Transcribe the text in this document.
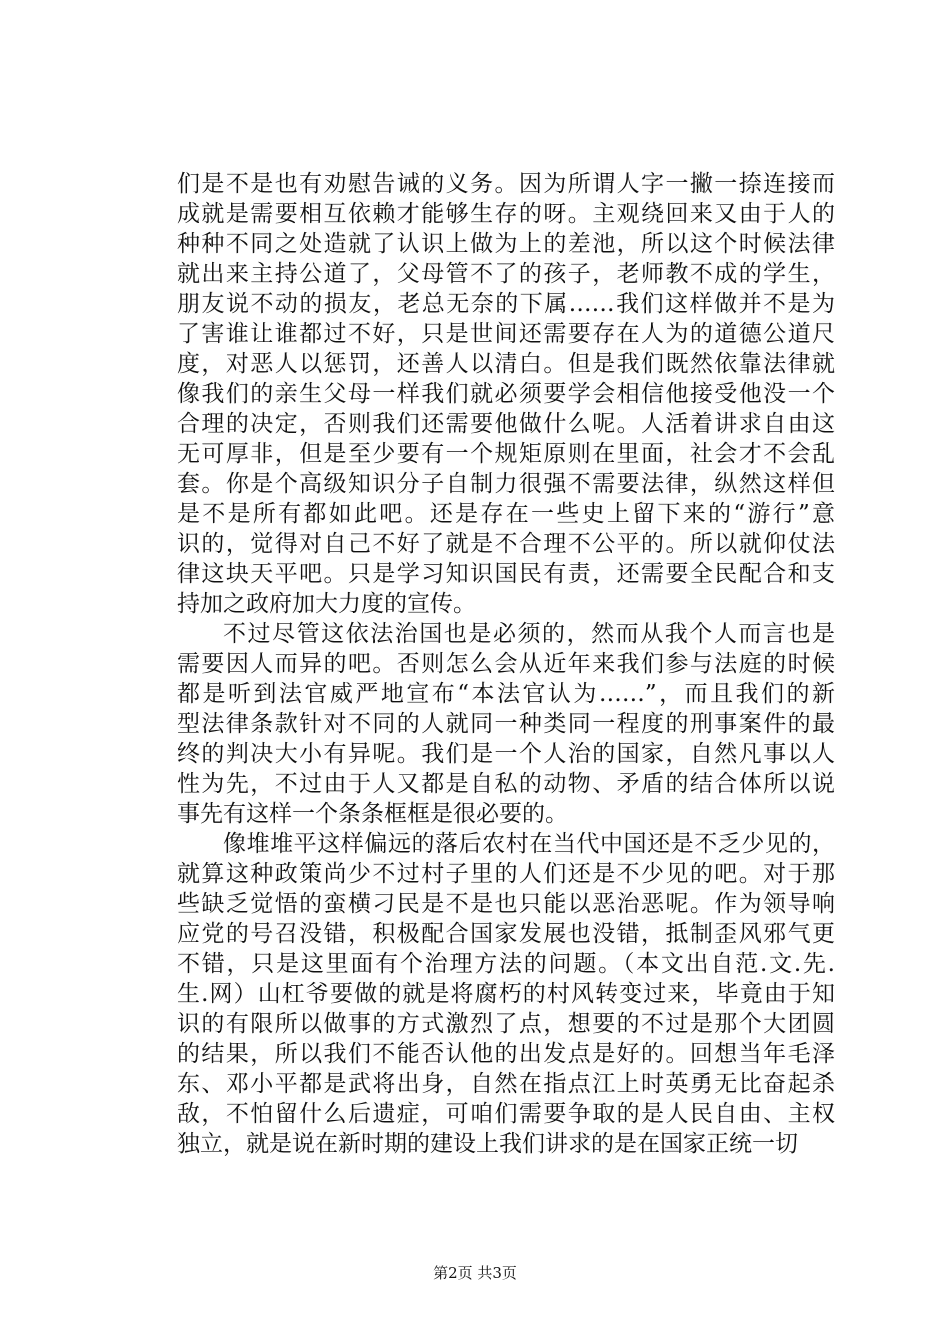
们是不是也有劝慰告诫的义务。因为所谓人字一撇一捺连接而
成就是需要相互依赖才能够生存的呀。主观绕回来又由于人的
种种不同之处造就了认识上做为上的差池，所以这个时候法律
就出来主持公道了，父母管不了的孩子，老师教不成的学生，
朋友说不动的损友，老总无奈的下属……我们这样做并不是为
了害谁让谁都过不好，只是世间还需要存在人为的道德公道尺
度，对恶人以惩罚，还善人以清白。但是我们既然依靠法律就
像我们的亲生父母一样我们就必须要学会相信他接受他没一个
合理的决定，否则我们还需要他做什么呢。人活着讲求自由这
无可厚非，但是至少要有一个规矩原则在里面，社会才不会乱
套。你是个高级知识分子自制力很强不需要法律，纵然这样但
是不是所有都如此吧。还是存在一些史上留下来的“游行”意
识的，觉得对自己不好了就是不合理不公平的。所以就仰仗法
律这块天平吧。只是学习知识国民有责，还需要全民配合和支
持加之政府加大力度的宣传。
不过尽管这依法治国也是必须的，然而从我个人而言也是
需要因人而异的吧。否则怎么会从近年来我们参与法庭的时候
都是听到法官威严地宣布“本法官认为……”，而且我们的新
型法律条款针对不同的人就同一种类同一程度的刑事案件的最
终的判决大小有异呢。我们是一个人治的国家，自然凡事以人
性为先，不过由于人又都是自私的动物、矛盾的结合体所以说
事先有这样一个条条框框是很必要的。
像堆堆平这样偏远的落后农村在当代中国还是不乏少见的，
就算这种政策尚少不过村子里的人们还是不少见的吧。对于那
些缺乏觉悟的蛮横刁民是不是也只能以恶治恶呢。作为领导响
应党的号召没错，积极配合国家发展也没错，抵制歪风邪气更
不错，只是这里面有个治理方法的问题。（本文出自范.文.先.
生.网）山杠爷要做的就是将腐朽的村风转变过来，毕竟由于知
识的有限所以做事的方式激烈了点，想要的不过是那个大团圆
的结果，所以我们不能否认他的出发点是好的。回想当年毛泽
东、邓小平都是武将出身，自然在指点江上时英勇无比奋起杀
敌，不怕留什么后遗症，可咱们需要争取的是人民自由、主权
独立，就是说在新时期的建设上我们讲求的是在国家正统一切
第2页 共3页
